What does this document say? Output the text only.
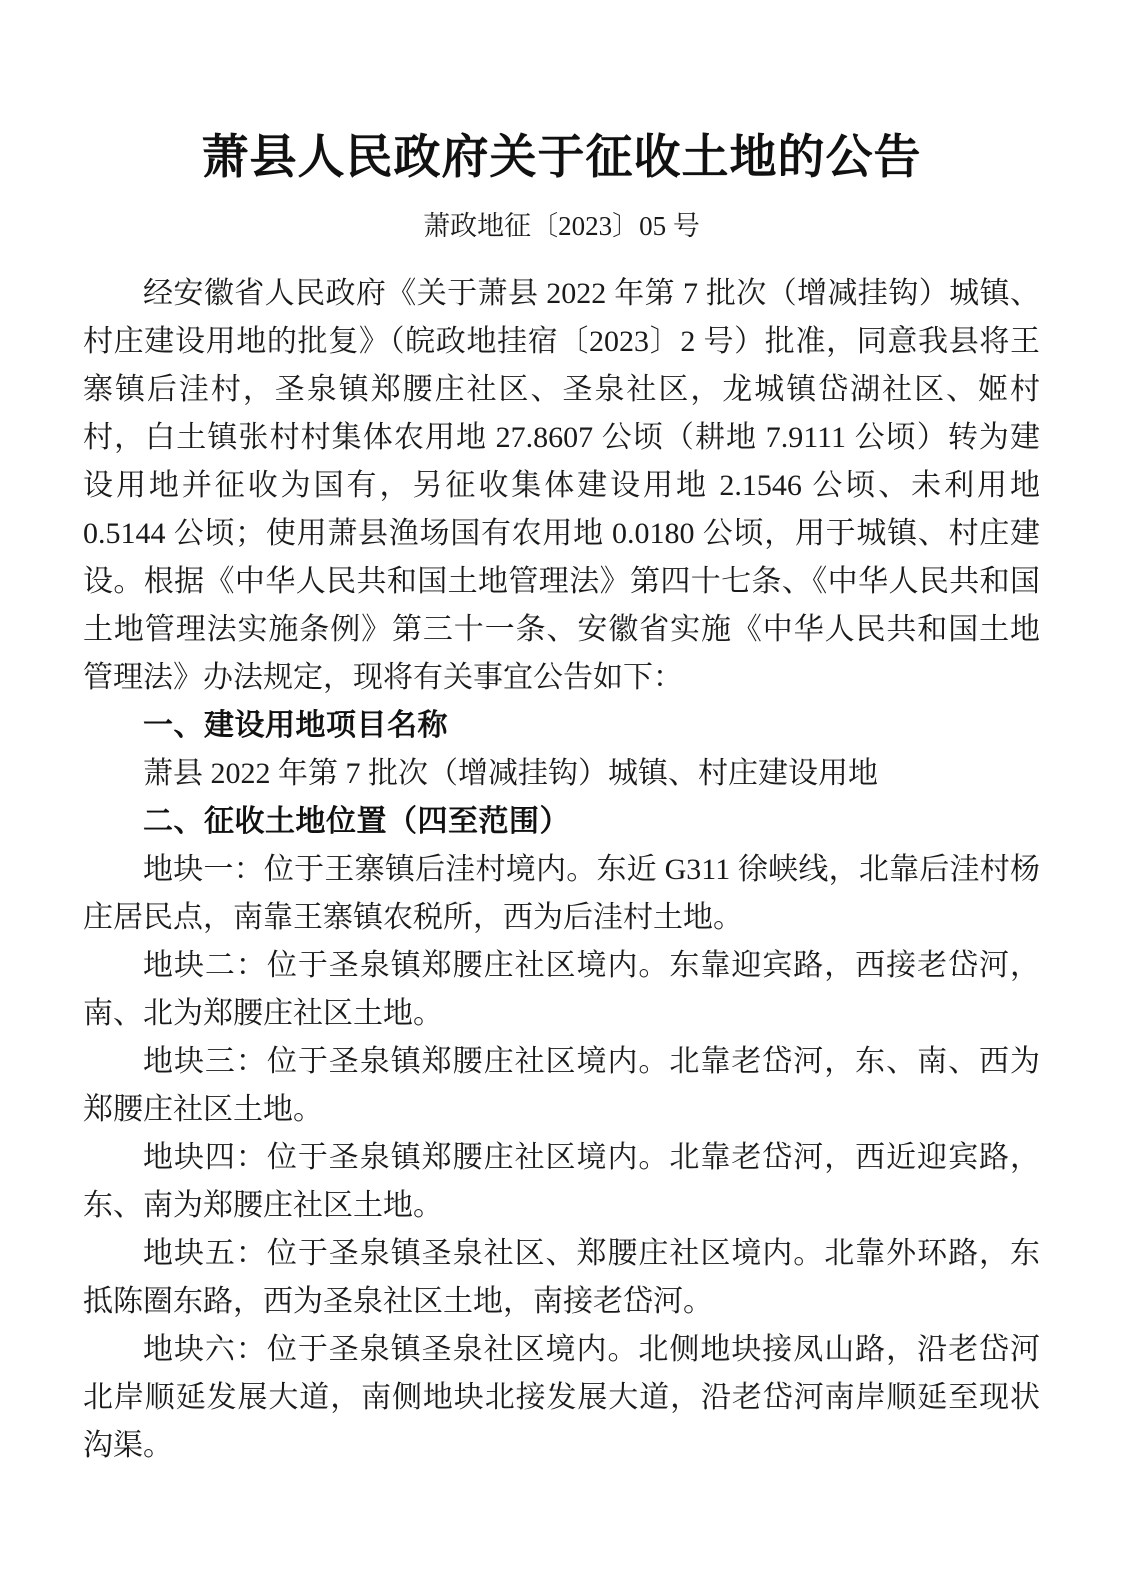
萧县人民政府关于征收土地的公告
萧政地征〔2023〕05 号

经安徽省人民政府《关于萧县 2022 年第 7 批次（增减挂钩）城镇、村庄建设用地的批复》（皖政地挂宿〔2023〕2 号）批准，同意我县将王寨镇后洼村，圣泉镇郑腰庄社区、圣泉社区，龙城镇岱湖社区、姬村村，白土镇张村村集体农用地 27.8607 公顷（耕地 7.9111 公顷）转为建设用地并征收为国有，另征收集体建设用地 2.1546 公顷、未利用地 0.5144 公顷；使用萧县渔场国有农用地 0.0180 公顷，用于城镇、村庄建设。根据《中华人民共和国土地管理法》第四十七条、《中华人民共和国土地管理法实施条例》第三十一条、安徽省实施《中华人民共和国土地管理法》办法规定，现将有关事宜公告如下：

一、建设用地项目名称

萧县 2022 年第 7 批次（增减挂钩）城镇、村庄建设用地

二、征收土地位置（四至范围）

地块一：位于王寨镇后洼村境内。东近 G311 徐峡线，北靠后洼村杨庄居民点，南靠王寨镇农税所，西为后洼村土地。

地块二：位于圣泉镇郑腰庄社区境内。东靠迎宾路，西接老岱河，南、北为郑腰庄社区土地。

地块三：位于圣泉镇郑腰庄社区境内。北靠老岱河，东、南、西为郑腰庄社区土地。

地块四：位于圣泉镇郑腰庄社区境内。北靠老岱河，西近迎宾路，东、南为郑腰庄社区土地。

地块五：位于圣泉镇圣泉社区、郑腰庄社区境内。北靠外环路，东抵陈圈东路，西为圣泉社区土地，南接老岱河。

地块六：位于圣泉镇圣泉社区境内。北侧地块接凤山路，沿老岱河北岸顺延发展大道，南侧地块北接发展大道，沿老岱河南岸顺延至现状沟渠。
